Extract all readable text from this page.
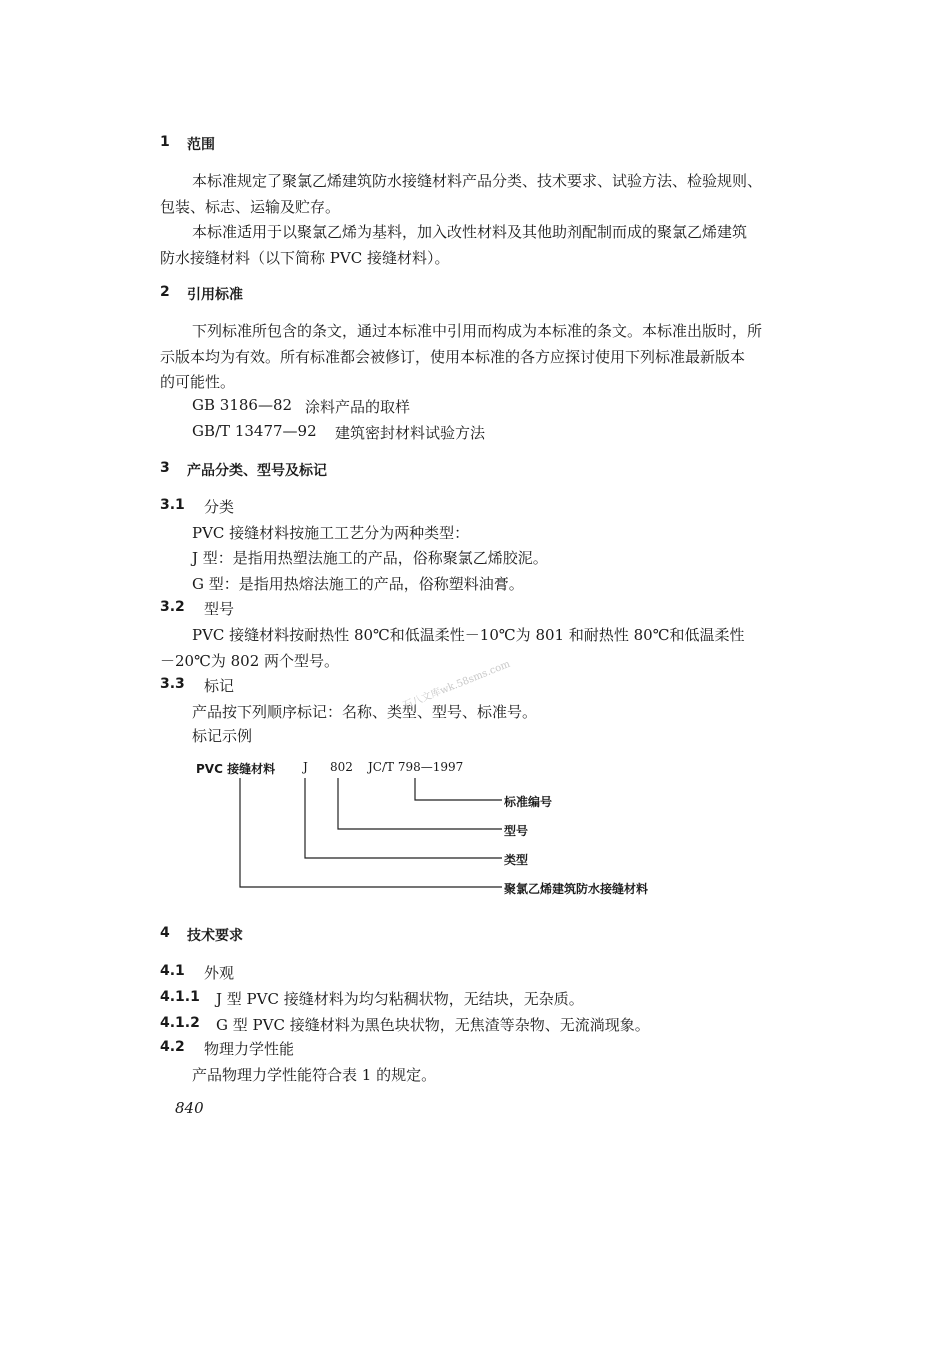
1 范围
本标准规定了聚氯乙烯建筑防水接缝材料产品分类、技术要求、试验方法、检验规则、
包装、标志、运输及贮存。
本标准适用于以聚氯乙烯为基料，加入改性材料及其他助剂配制而成的聚氯乙烯建筑
防水接缝材料（以下简称 PVC 接缝材料）。
2 引用标准
下列标准所包含的条文，通过本标准中引用而构成为本标准的条文。本标准出版时，所
示版本均为有效。所有标准都会被修订，使用本标准的各方应探讨使用下列标准最新版本
的可能性。
GB 3186—82 涂料产品的取样
GB/T 13477—92 建筑密封材料试验方法
3 产品分类、型号及标记
3.1 分类
PVC 接缝材料按施工工艺分为两种类型：
J 型：是指用热塑法施工的产品，俗称聚氯乙烯胶泥。
G 型：是指用热熔法施工的产品，俗称塑料油膏。
3.2 型号
PVC 接缝材料按耐热性 80℃和低温柔性－10℃为 801 和耐热性 80℃和低温柔性
－20℃为 802 两个型号。
3.3 标记
产品按下列顺序标记：名称、类型、型号、标准号。
标记示例
PVC 接缝材料 J 802 JC/T 798—1997
标准编号
型号
类型
聚氯乙烯建筑防水接缝材料
石八文库wk.58sms.com
4 技术要求
4.1 外观
4.1.1 J 型 PVC 接缝材料为均匀粘稠状物，无结块，无杂质。
4.1.2 G 型 PVC 接缝材料为黑色块状物，无焦渣等杂物、无流淌现象。
4.2 物理力学性能
产品物理力学性能符合表 1 的规定。
840
